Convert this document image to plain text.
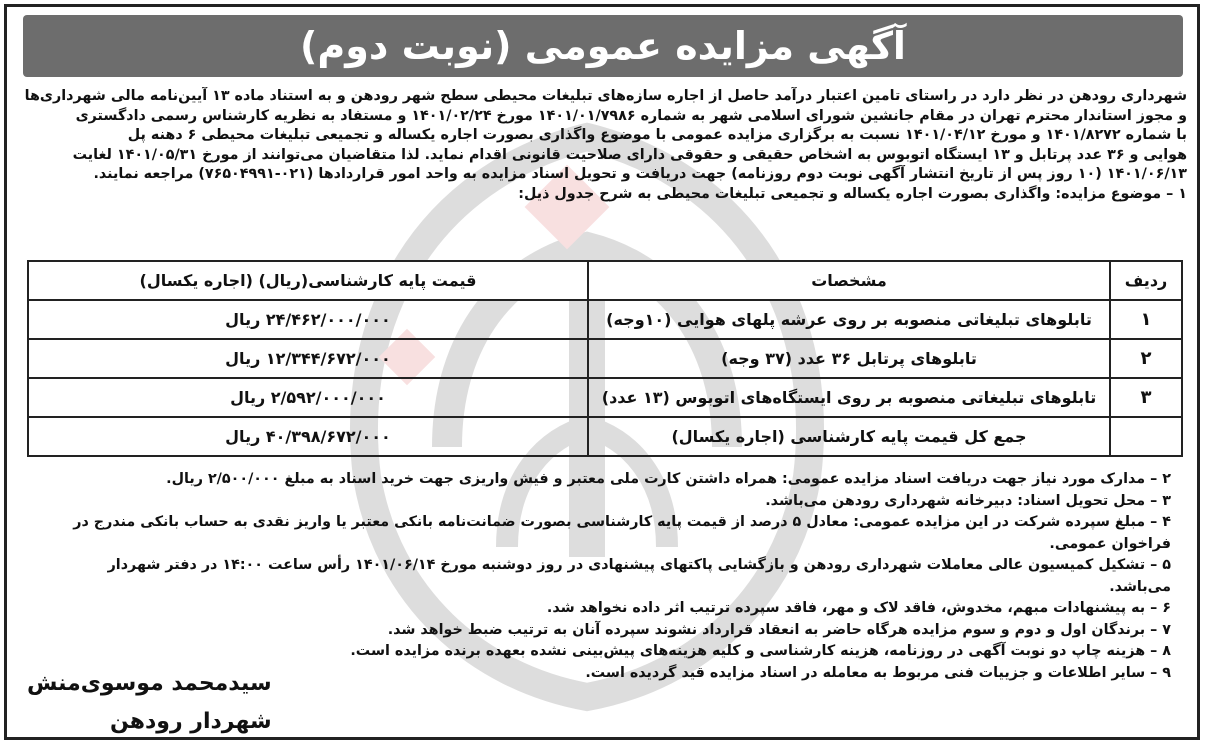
آگهی مزایده عمومی (نوبت دوم)

شهرداری رودهن در نظر دارد در راستای تامین اعتبار درآمد حاصل از اجاره سازه‌های تبلیغات محیطی سطح شهر رودهن و به استناد ماده ۱۳ آیین‌نامه مالی شهرداری‌ها

و مجوز استاندار محترم تهران در مقام جانشین شورای اسلامی شهر به شماره ۱۴۰۱/۰۱/۷۹۸۶ مورخ ۱۴۰۱/۰۲/۲۴ و مستفاد به نظریه کارشناس رسمی دادگستری

با شماره ۱۴۰۱/۸۲۷۲ و مورخ ۱۴۰۱/۰۴/۱۲ نسبت به برگزاری مزایده عمومی با موضوع واگذاری بصورت اجاره یکساله و تجمیعی تبلیغات محیطی ۶ دهنه پل

هوایی و ۳۶ عدد پرتابل و ۱۳ ایستگاه اتوبوس به اشخاص حقیقی و حقوقی دارای صلاحیت قانونی اقدام نماید. لذا متقاضیان می‌توانند از مورخ ۱۴۰۱/۰۵/۳۱ لغایت

۱۴۰۱/۰۶/۱۳ (۱۰ روز پس از تاریخ انتشار آگهی نوبت دوم روزنامه) جهت دریافت و تحویل اسناد مزایده به واحد امور قراردادها (۰۲۱-۷۶۵۰۴۹۹۱) مراجعه نمایند.

۱ – موضوع مزایده: واگذاری بصورت اجاره یکساله و تجمیعی تبلیغات محیطی به شرح جدول ذیل:

ردیف	مشخصات	قیمت پایه کارشناسی(ریال) (اجاره یکسال)
۱	تابلوهای تبلیغاتی منصوبه بر روی عرشه پلهای هوایی (۱۰وجه)	۲۴/۴۶۲/۰۰۰/۰۰۰ ریال
۲	تابلوهای پرتابل ۳۶ عدد (۳۷ وجه)	۱۲/۳۴۴/۶۷۲/۰۰۰ ریال
۳	تابلوهای تبلیغاتی منصوبه بر روی ایستگاه‌های اتوبوس (۱۳ عدد)	۲/۵۹۲/۰۰۰/۰۰۰ ریال
	جمع کل قیمت پایه کارشناسی (اجاره یکسال)	۴۰/۳۹۸/۶۷۲/۰۰۰ ریال

۲ – مدارک مورد نیاز جهت دریافت اسناد مزایده عمومی: همراه داشتن کارت ملی معتبر و فیش واریزی جهت خرید اسناد به مبلغ ۲/۵۰۰/۰۰۰ ریال.

۳ – محل تحویل اسناد: دبیرخانه شهرداری رودهن می‌باشد.

۴ – مبلغ سپرده شرکت در این مزایده عمومی: معادل ۵ درصد از قیمت پایه کارشناسی بصورت ضمانت‌نامه بانکی معتبر یا واریز نقدی به حساب بانکی مندرج در

فراخوان عمومی.

۵ – تشکیل کمیسیون عالی معاملات شهرداری رودهن و بازگشایی پاکتهای پیشنهادی در روز دوشنبه مورخ ۱۴۰۱/۰۶/۱۴ رأس ساعت ۱۴:۰۰ در دفتر شهردار

می‌باشد.

۶ – به پیشنهادات مبهم، مخدوش، فاقد لاک و مهر، فاقد سپرده ترتیب اثر داده نخواهد شد.

۷ – برندگان اول و دوم و سوم مزایده هرگاه حاضر به انعقاد قرارداد نشوند سپرده آنان به ترتیب ضبط خواهد شد.

۸ – هزینه چاپ دو نوبت آگهی در روزنامه، هزینه کارشناسی و کلیه هزینه‌های پیش‌بینی نشده بعهده برنده مزایده است.

۹ – سایر اطلاعات و جزییات فنی مربوط به معامله در اسناد مزایده قید گردیده است.

سیدمحمد موسوی‌منش
شهردار رودهن
